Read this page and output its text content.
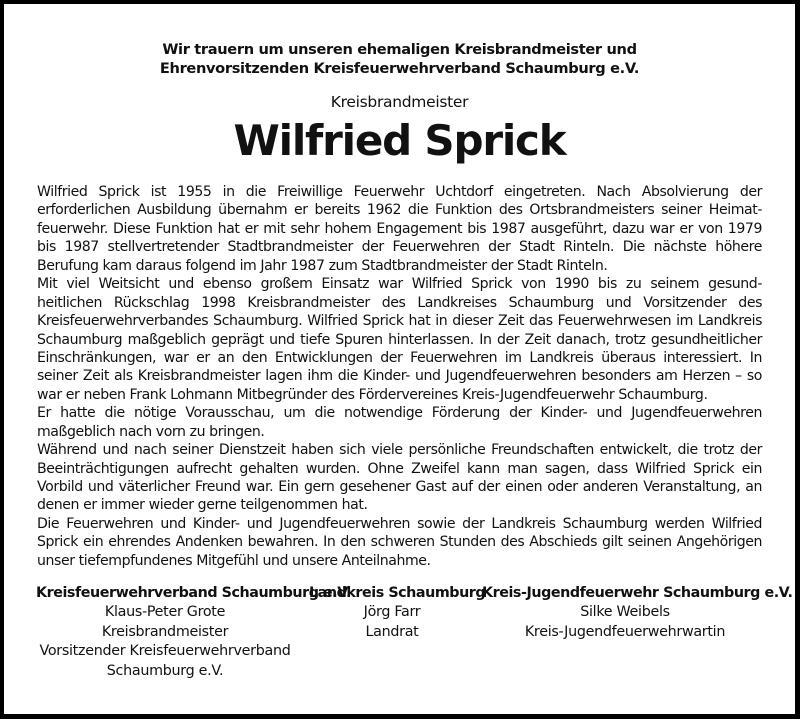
Wir trauern um unseren ehemaligen Kreisbrandmeister und
Ehrenvorsitzenden Kreisfeuerwehrverband Schaumburg e.V.
Kreisbrandmeister
Wilfried Sprick
Wilfried Sprick ist 1955 in die Freiwillige Feuerwehr Uchtdorf eingetreten. Nach Absolvierung der
erforderlichen Ausbildung übernahm er bereits 1962 die Funktion des Ortsbrandmeisters seiner Heimat-
feuerwehr. Diese Funktion hat er mit sehr hohem Engagement bis 1987 ausgeführt, dazu war er von 1979
bis 1987 stellvertretender Stadtbrandmeister der Feuerwehren der Stadt Rinteln. Die nächste höhere
Berufung kam daraus folgend im Jahr 1987 zum Stadtbrandmeister der Stadt Rinteln.
Mit viel Weitsicht und ebenso großem Einsatz war Wilfried Sprick von 1990 bis zu seinem gesund-
heitlichen Rückschlag 1998 Kreisbrandmeister des Landkreises Schaumburg und Vorsitzender des
Kreisfeuerwehrverbandes Schaumburg. Wilfried Sprick hat in dieser Zeit das Feuerwehrwesen im Landkreis
Schaumburg maßgeblich geprägt und tiefe Spuren hinterlassen. In der Zeit danach, trotz gesundheitlicher
Einschränkungen, war er an den Entwicklungen der Feuerwehren im Landkreis überaus interessiert. In
seiner Zeit als Kreisbrandmeister lagen ihm die Kinder- und Jugendfeuerwehren besonders am Herzen – so
war er neben Frank Lohmann Mitbegründer des Fördervereines Kreis-Jugendfeuerwehr Schaumburg.
Er hatte die nötige Vorausschau, um die notwendige Förderung der Kinder- und Jugendfeuerwehren
maßgeblich nach vorn zu bringen.
Während und nach seiner Dienstzeit haben sich viele persönliche Freundschaften entwickelt, die trotz der
Beeinträchtigungen aufrecht gehalten wurden. Ohne Zweifel kann man sagen, dass Wilfried Sprick ein
Vorbild und väterlicher Freund war. Ein gern gesehener Gast auf der einen oder anderen Veranstaltung, an
denen er immer wieder gerne teilgenommen hat.
Die Feuerwehren und Kinder- und Jugendfeuerwehren sowie der Landkreis Schaumburg werden Wilfried
Sprick ein ehrendes Andenken bewahren. In den schweren Stunden des Abschieds gilt seinen Angehörigen
unser tiefempfundenes Mitgefühl und unsere Anteilnahme.
Kreisfeuerwehrverband Schaumburg e.V.
Klaus-Peter Grote
Kreisbrandmeister
Vorsitzender Kreisfeuerwehrverband
Schaumburg e.V.
Landkreis Schaumburg
Jörg Farr
Landrat
Kreis-Jugendfeuerwehr Schaumburg e.V.
Silke Weibels
Kreis-Jugendfeuerwehrwartin
